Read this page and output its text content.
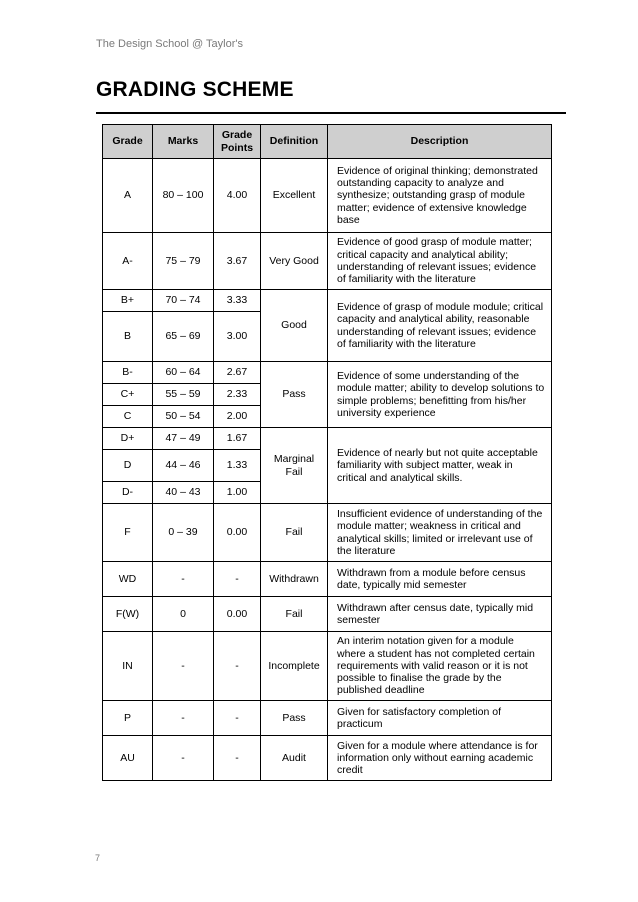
The Design School @ Taylor's
GRADING SCHEME
Grade	Marks	Grade Points	Definition	Description
A	80 – 100	4.00	Excellent	Evidence of original thinking; demonstrated outstanding capacity to analyze and synthesize; outstanding grasp of module matter; evidence of extensive knowledge base
A-	75 – 79	3.67	Very Good	Evidence of good grasp of module matter; critical capacity and analytical ability; understanding of relevant issues; evidence of familiarity with the literature
B+	70 – 74	3.33	Good	Evidence of grasp of module module; critical capacity and analytical ability, reasonable understanding of relevant issues; evidence of familiarity with the literature
B	65 – 69	3.00		
B-	60 – 64	2.67	Pass	Evidence of some understanding of the module matter; ability to develop solutions to simple problems; benefitting from his/her university experience
C+	55 – 59	2.33		
C	50 – 54	2.00		
D+	47 – 49	1.67	Marginal Fail	Evidence of nearly but not quite acceptable familiarity with subject matter, weak in critical and analytical skills.
D	44 – 46	1.33		
D-	40 – 43	1.00		
F	0 – 39	0.00	Fail	Insufficient evidence of understanding of the module matter; weakness in critical and analytical skills; limited or irrelevant use of the literature
WD	-	-	Withdrawn	Withdrawn from a module before census date, typically mid semester
F(W)	0	0.00	Fail	Withdrawn after census date, typically mid semester
IN	-	-	Incomplete	An interim notation given for a module where a student has not completed certain requirements with valid reason or it is not possible to finalise the grade by the published deadline
P	-	-	Pass	Given for satisfactory completion of practicum
AU	-	-	Audit	Given for a module where attendance is for information only without earning academic credit
7
